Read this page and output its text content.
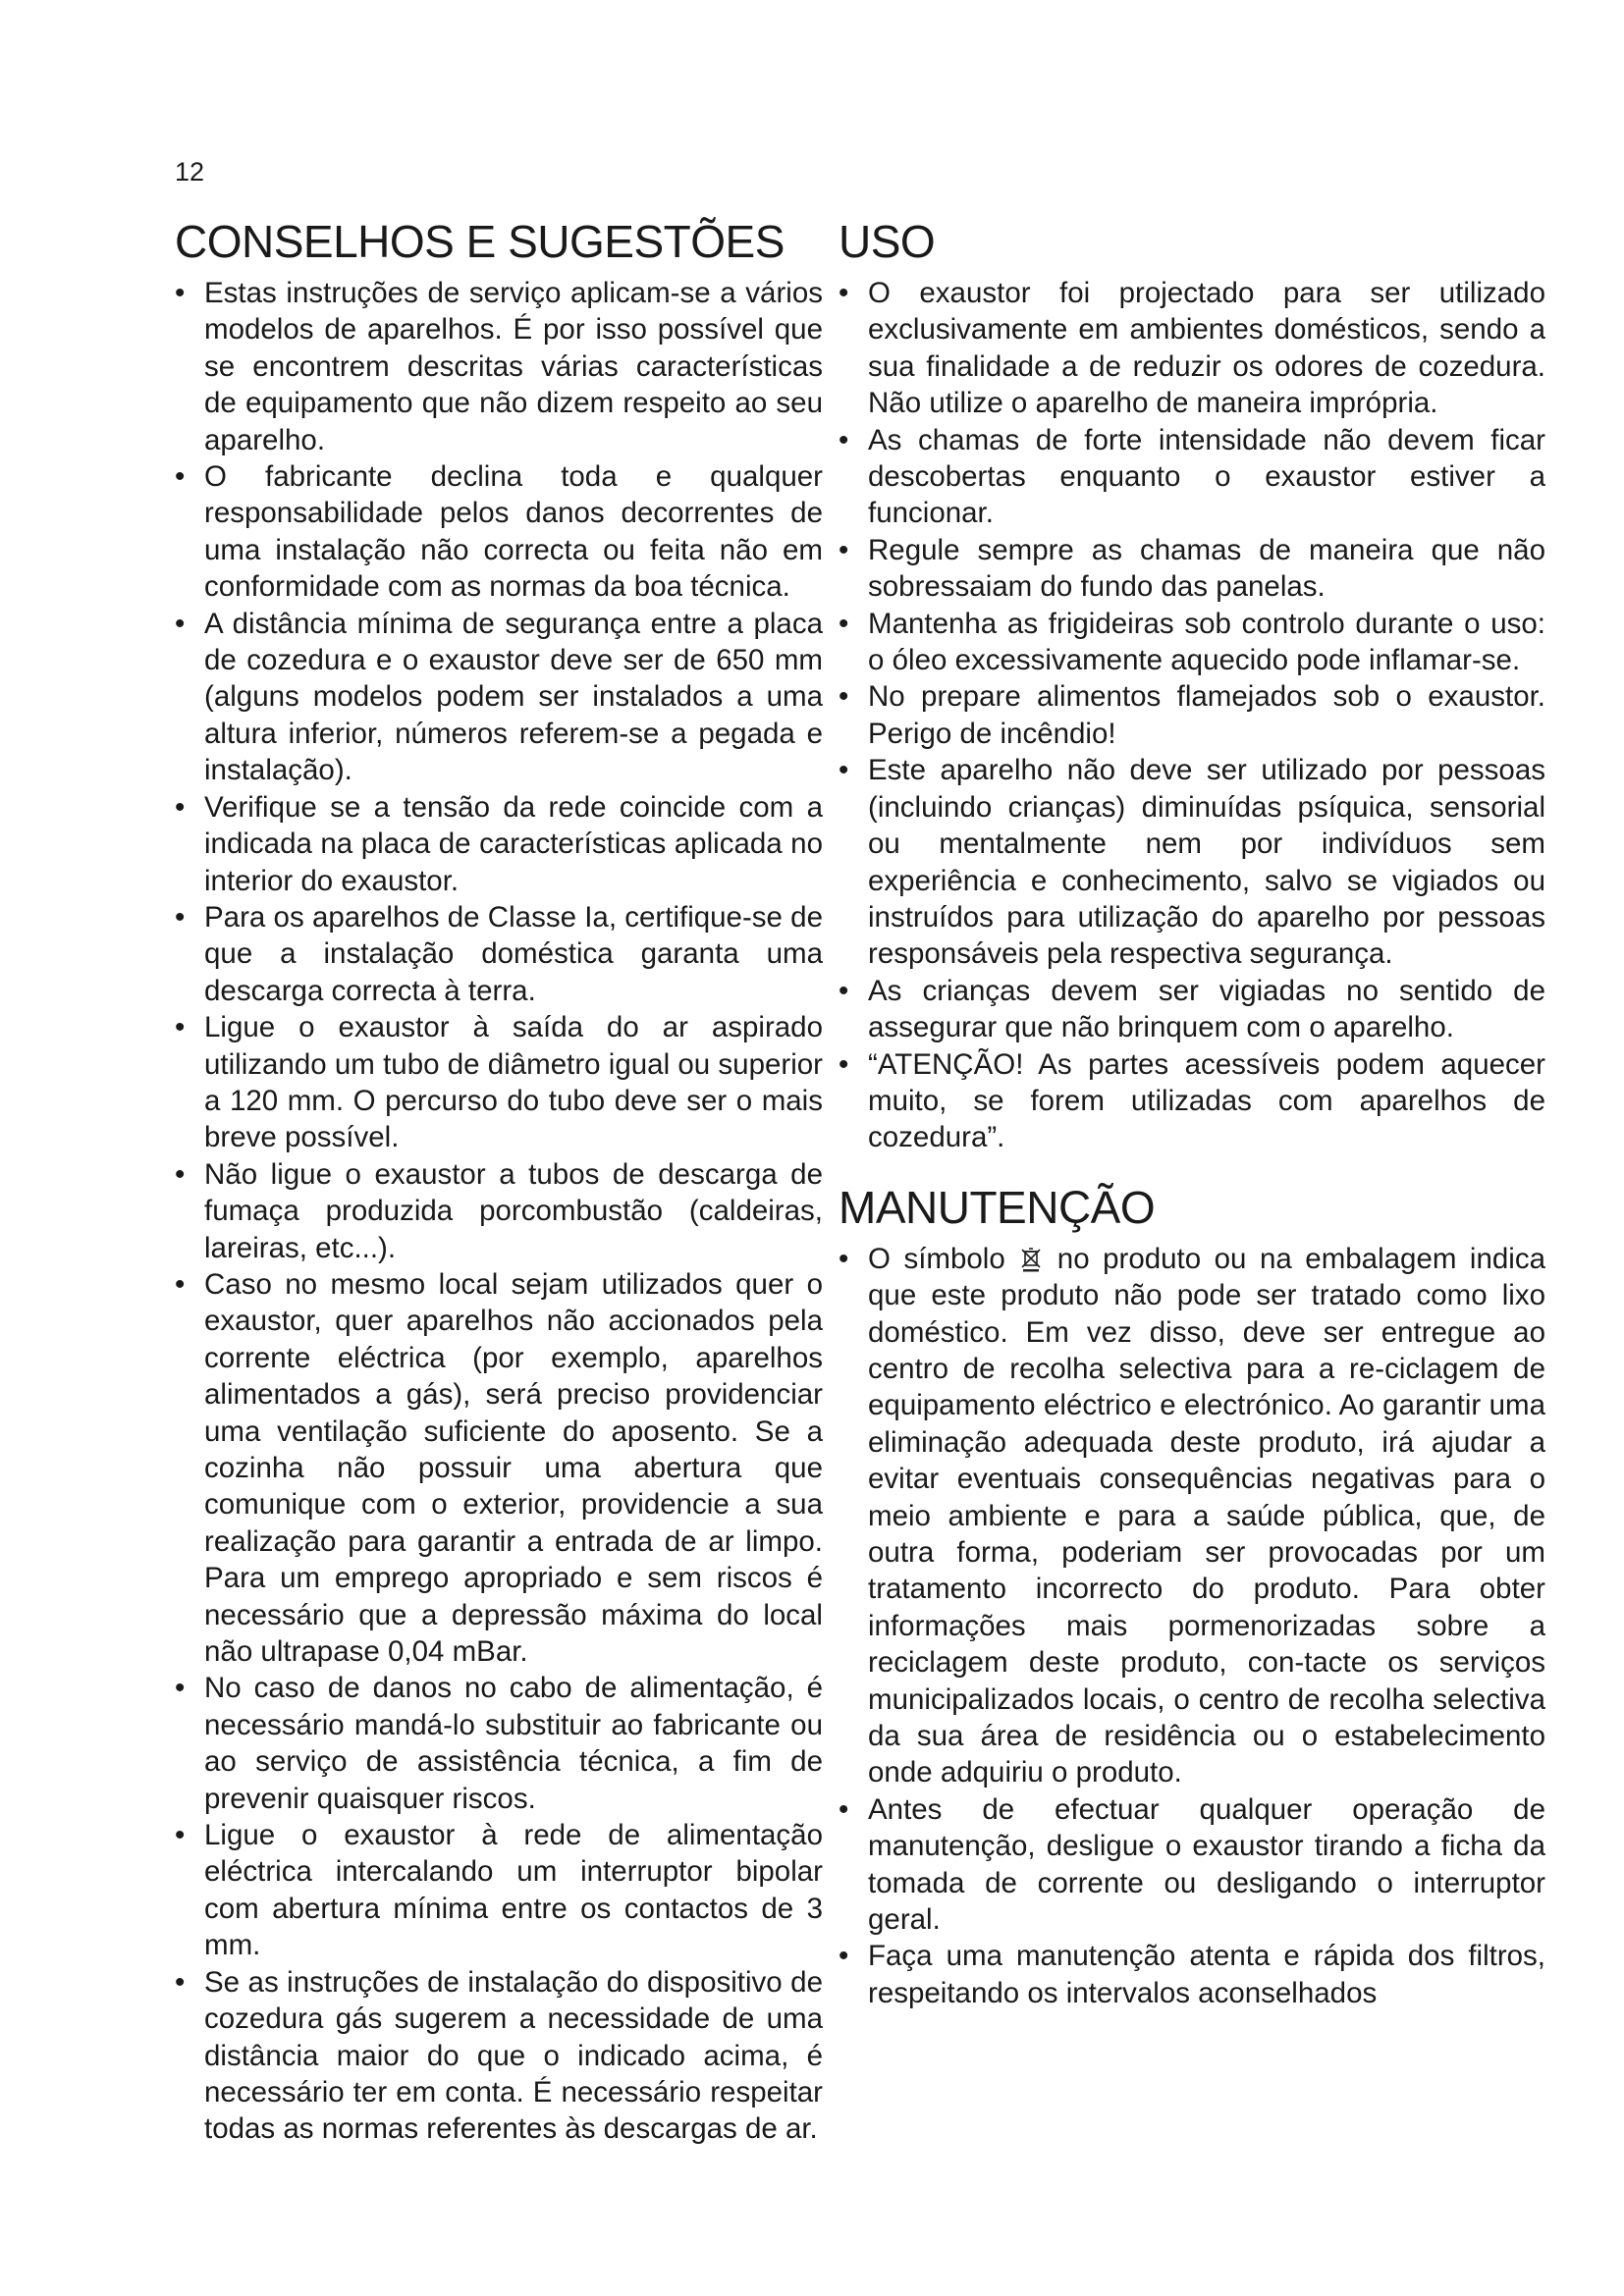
12
CONSELHOS E SUGESTÕES
• Estas instruções de serviço aplicam-se a vários modelos de aparelhos. É por isso possível que se encontrem descritas várias características de equipamento que não dizem respeito ao seu aparelho.
• O fabricante declina toda e qualquer responsabilidade pelos danos decorrentes de uma instalação não correcta ou feita não em conformidade com as normas da boa técnica.
• A distância mínima de segurança entre a placa de cozedura e o exaustor deve ser de 650 mm (alguns modelos podem ser instalados a uma altura inferior, números referem-se a pegada e instalação).
• Verifique se a tensão da rede coincide com a indicada na placa de características aplicada no interior do exaustor.
• Para os aparelhos de Classe Ia, certifique-se de que a instalação doméstica garanta uma descarga correcta à terra.
• Ligue o exaustor à saída do ar aspirado utilizando um tubo de diâmetro igual ou superior a 120 mm. O percurso do tubo deve ser o mais breve possível.
• Não ligue o exaustor a tubos de descarga de fumaça produzida porcombustão (caldeiras, lareiras, etc...).
• Caso no mesmo local sejam utilizados quer o exaustor, quer aparelhos não accionados pela corrente eléctrica (por exemplo, aparelhos alimentados a gás), será preciso providenciar uma ventilação suficiente do aposento. Se a cozinha não possuir uma abertura que comunique com o exterior, providencie a sua realização para garantir a entrada de ar limpo. Para um emprego apropriado e sem riscos é necessário que a depressão máxima do local não ultrapase 0,04 mBar.
• No caso de danos no cabo de alimentação, é necessário mandá-lo substituir ao fabricante ou ao serviço de assistência técnica, a fim de prevenir quaisquer riscos.
• Ligue o exaustor à rede de alimentação eléctrica intercalando um interruptor bipolar com abertura mínima entre os contactos de 3 mm.
• Se as instruções de instalação do dispositivo de cozedura gás sugerem a necessidade de uma distância maior do que o indicado acima, é necessário ter em conta. É necessário respeitar todas as normas referentes às descargas de ar.
USO
• O exaustor foi projectado para ser utilizado exclusivamente em ambientes domésticos, sendo a sua finalidade a de reduzir os odores de cozedura. Não utilize o aparelho de maneira imprópria.
• As chamas de forte intensidade não devem ficar descobertas enquanto o exaustor estiver a funcionar.
• Regule sempre as chamas de maneira que não sobressaiam do fundo das panelas.
• Mantenha as frigideiras sob controlo durante o uso: o óleo excessivamente aquecido pode inflamar-se.
• No prepare alimentos flamejados sob o exaustor. Perigo de incêndio!
• Este aparelho não deve ser utilizado por pessoas (incluindo crianças) diminuídas psíquica, sensorial ou mentalmente nem por indivíduos sem experiência e conhecimento, salvo se vigiados ou instruídos para utilização do aparelho por pessoas responsáveis pela respectiva segurança.
• As crianças devem ser vigiadas no sentido de assegurar que não brinquem com o aparelho.
• “ATENÇÃO! As partes acessíveis podem aquecer muito, se forem utilizadas com aparelhos de cozedura”.
MANUTENÇÃO
• O símbolo no produto ou na embalagem indica que este produto não pode ser tratado como lixo doméstico. Em vez disso, deve ser entregue ao centro de recolha selectiva para a re-ciclagem de equipamento eléctrico e electrónico. Ao garantir uma eliminação adequada deste produto, irá ajudar a evitar eventuais consequências negativas para o meio ambiente e para a saúde pública, que, de outra forma, poderiam ser provocadas por um tratamento incorrecto do produto. Para obter informações mais pormenorizadas sobre a reciclagem deste produto, con-tacte os serviços municipalizados locais, o centro de recolha selectiva da sua área de residência ou o estabelecimento onde adquiriu o produto.
• Antes de efectuar qualquer operação de manutenção, desligue o exaustor tirando a ficha da tomada de corrente ou desligando o interruptor geral.
• Faça uma manutenção atenta e rápida dos filtros, respeitando os intervalos aconselhados
